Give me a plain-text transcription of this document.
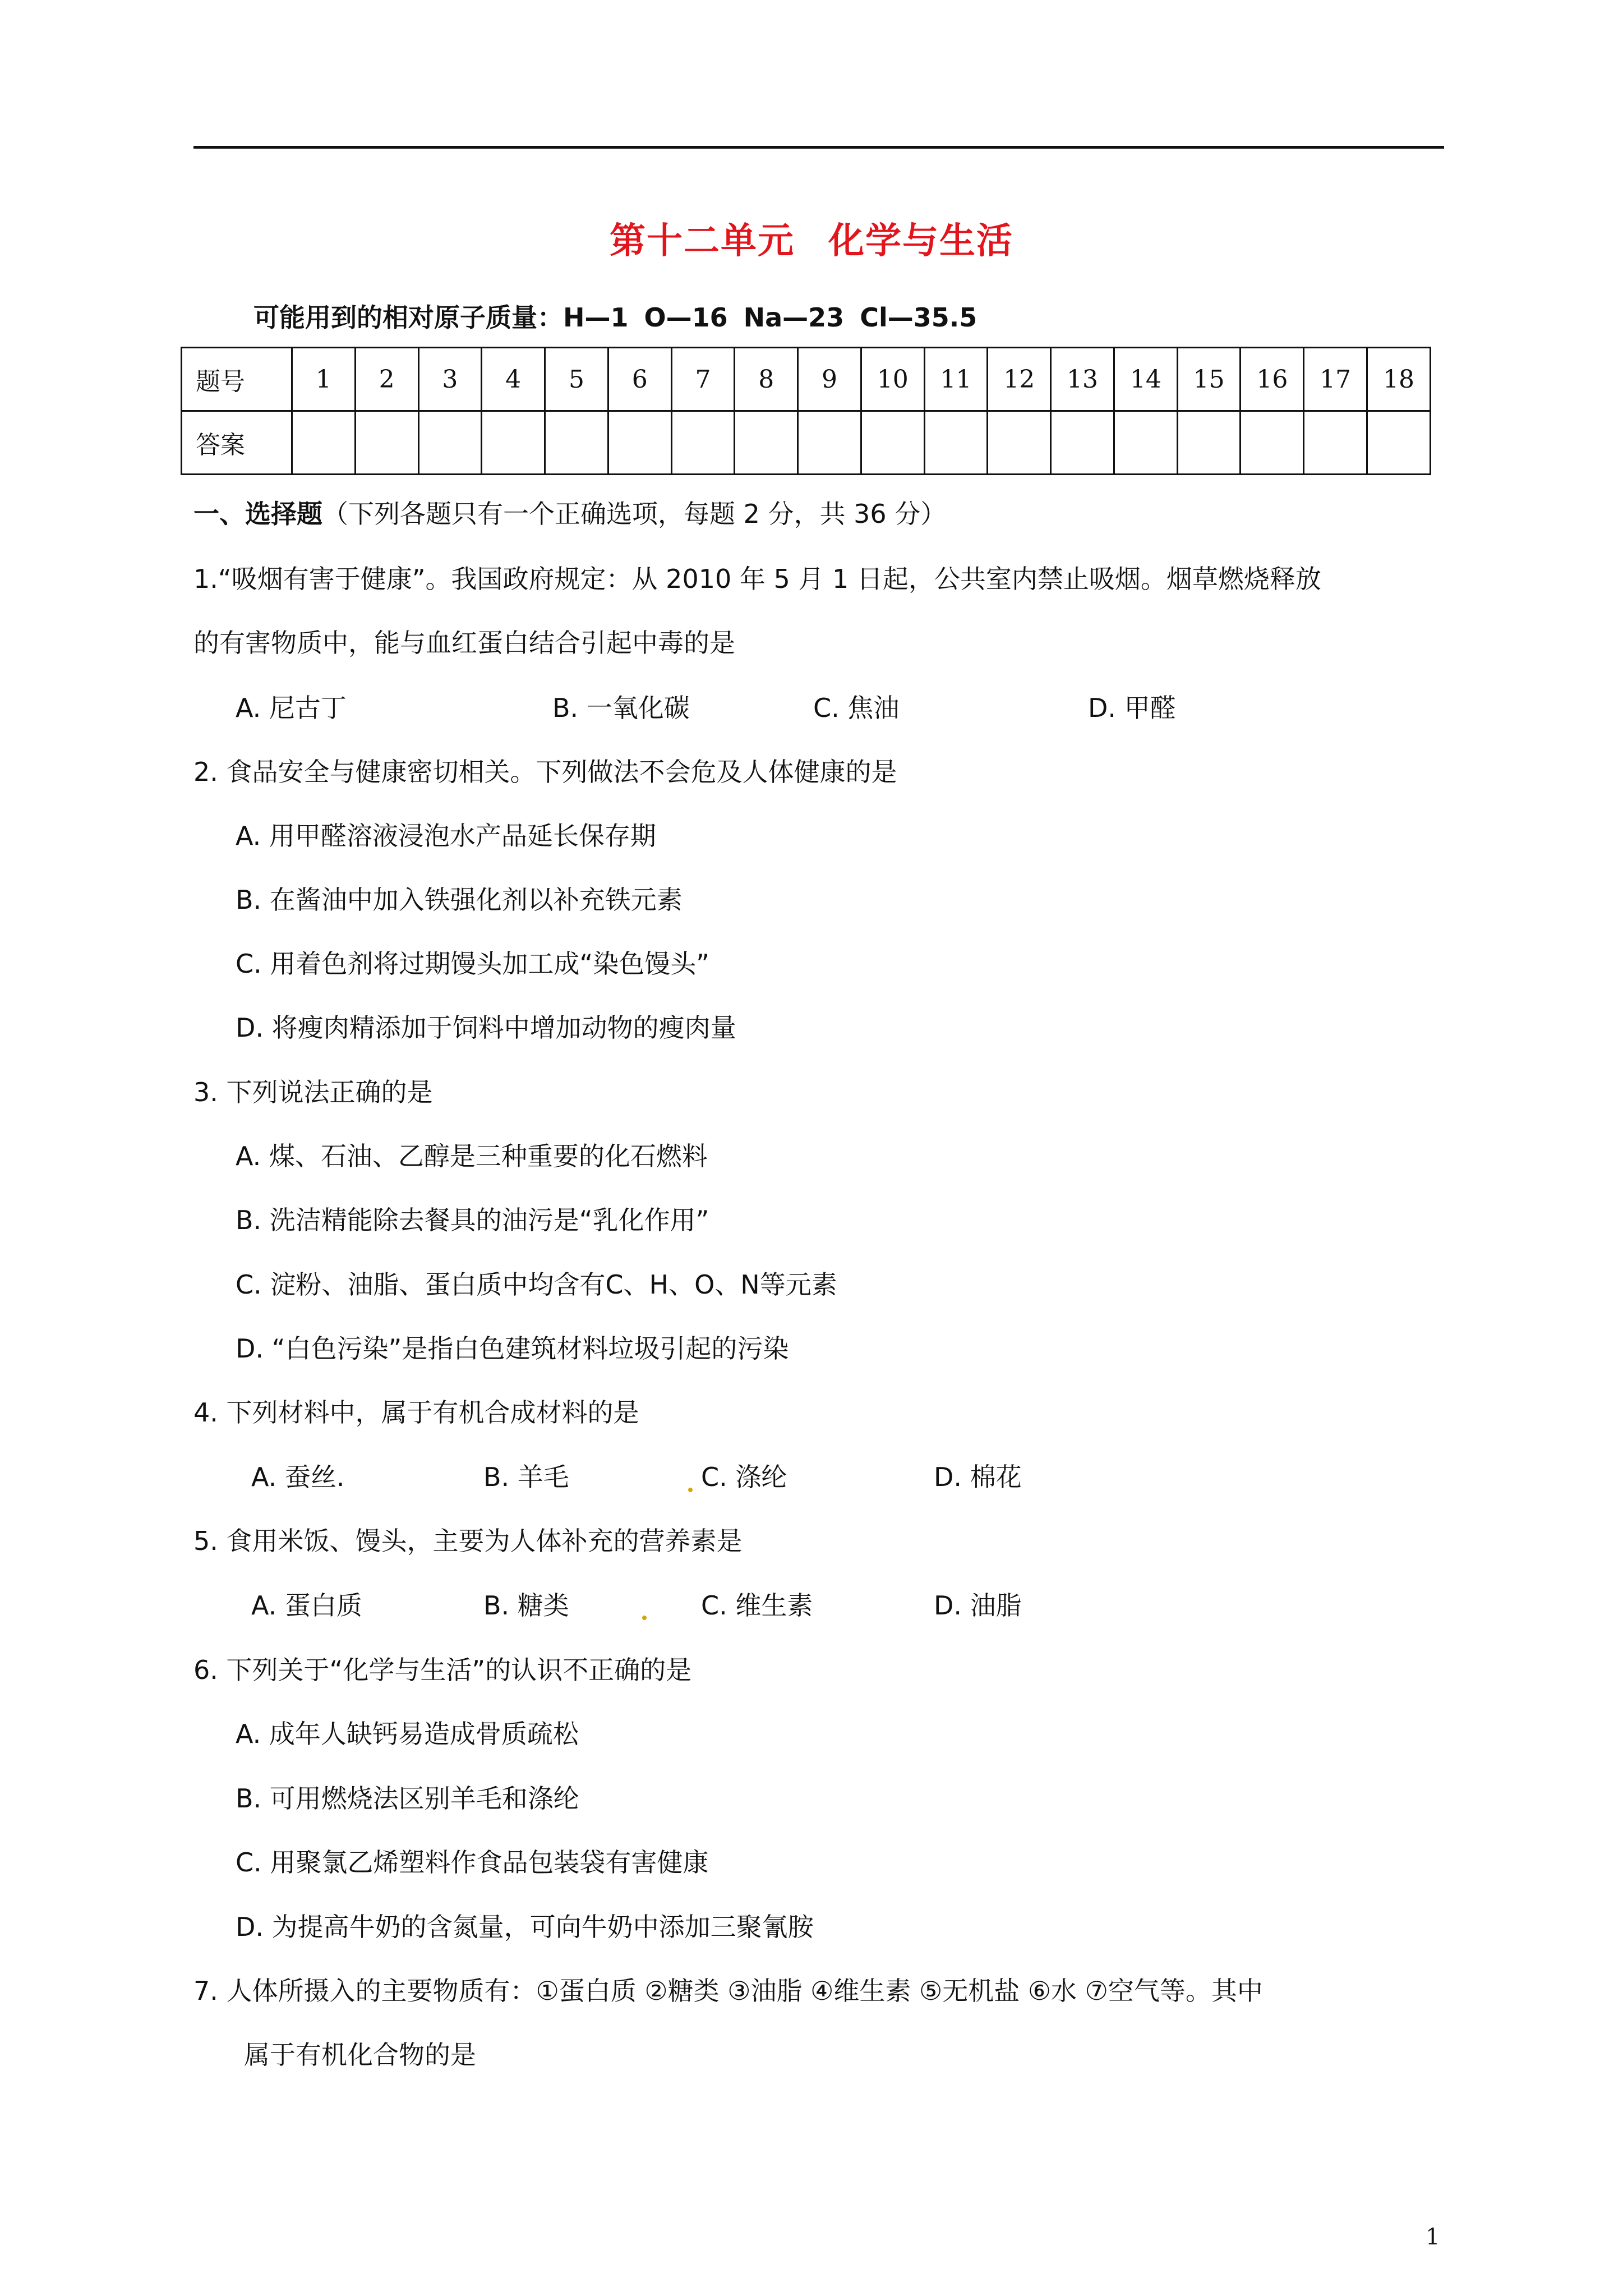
第十二单元 化学与生活
可能用到的相对原子质量：H—1 O—16 Na—23 Cl—35.5
题号	1	2	3	4	5	6	7	8	9	10	11	12	13	14	15	16	17	18
答案																		
一、选择题（下列各题只有一个正确选项，每题 2 分，共 36 分）
1.“吸烟有害于健康”。我国政府规定：从 2010 年 5 月 1 日起，公共室内禁止吸烟。烟草燃烧释放
的有害物质中，能与血红蛋白结合引起中毒的是
A. 尼古丁	B. 一氧化碳	C. 焦油	D. 甲醛
2. 食品安全与健康密切相关。下列做法不会危及人体健康的是
A. 用甲醛溶液浸泡水产品延长保存期
B. 在酱油中加入铁强化剂以补充铁元素
C. 用着色剂将过期馒头加工成“染色馒头”
D. 将瘦肉精添加于饲料中增加动物的瘦肉量
3. 下列说法正确的是
A. 煤、石油、乙醇是三种重要的化石燃料
B. 洗洁精能除去餐具的油污是“乳化作用”
C. 淀粉、油脂、蛋白质中均含有C、H、O、N等元素
D. “白色污染”是指白色建筑材料垃圾引起的污染
4. 下列材料中，属于有机合成材料的是
A. 蚕丝.	B. 羊毛	C. 涤纶	D. 棉花
5. 食用米饭、馒头，主要为人体补充的营养素是
A. 蛋白质	B. 糖类	C. 维生素	D. 油脂
6. 下列关于“化学与生活”的认识不正确的是
A. 成年人缺钙易造成骨质疏松
B. 可用燃烧法区别羊毛和涤纶
C. 用聚氯乙烯塑料作食品包装袋有害健康
D. 为提高牛奶的含氮量，可向牛奶中添加三聚氰胺
7. 人体所摄入的主要物质有：①蛋白质 ②糖类 ③油脂 ④维生素 ⑤无机盐 ⑥水 ⑦空气等。其中
属于有机化合物的是
1
